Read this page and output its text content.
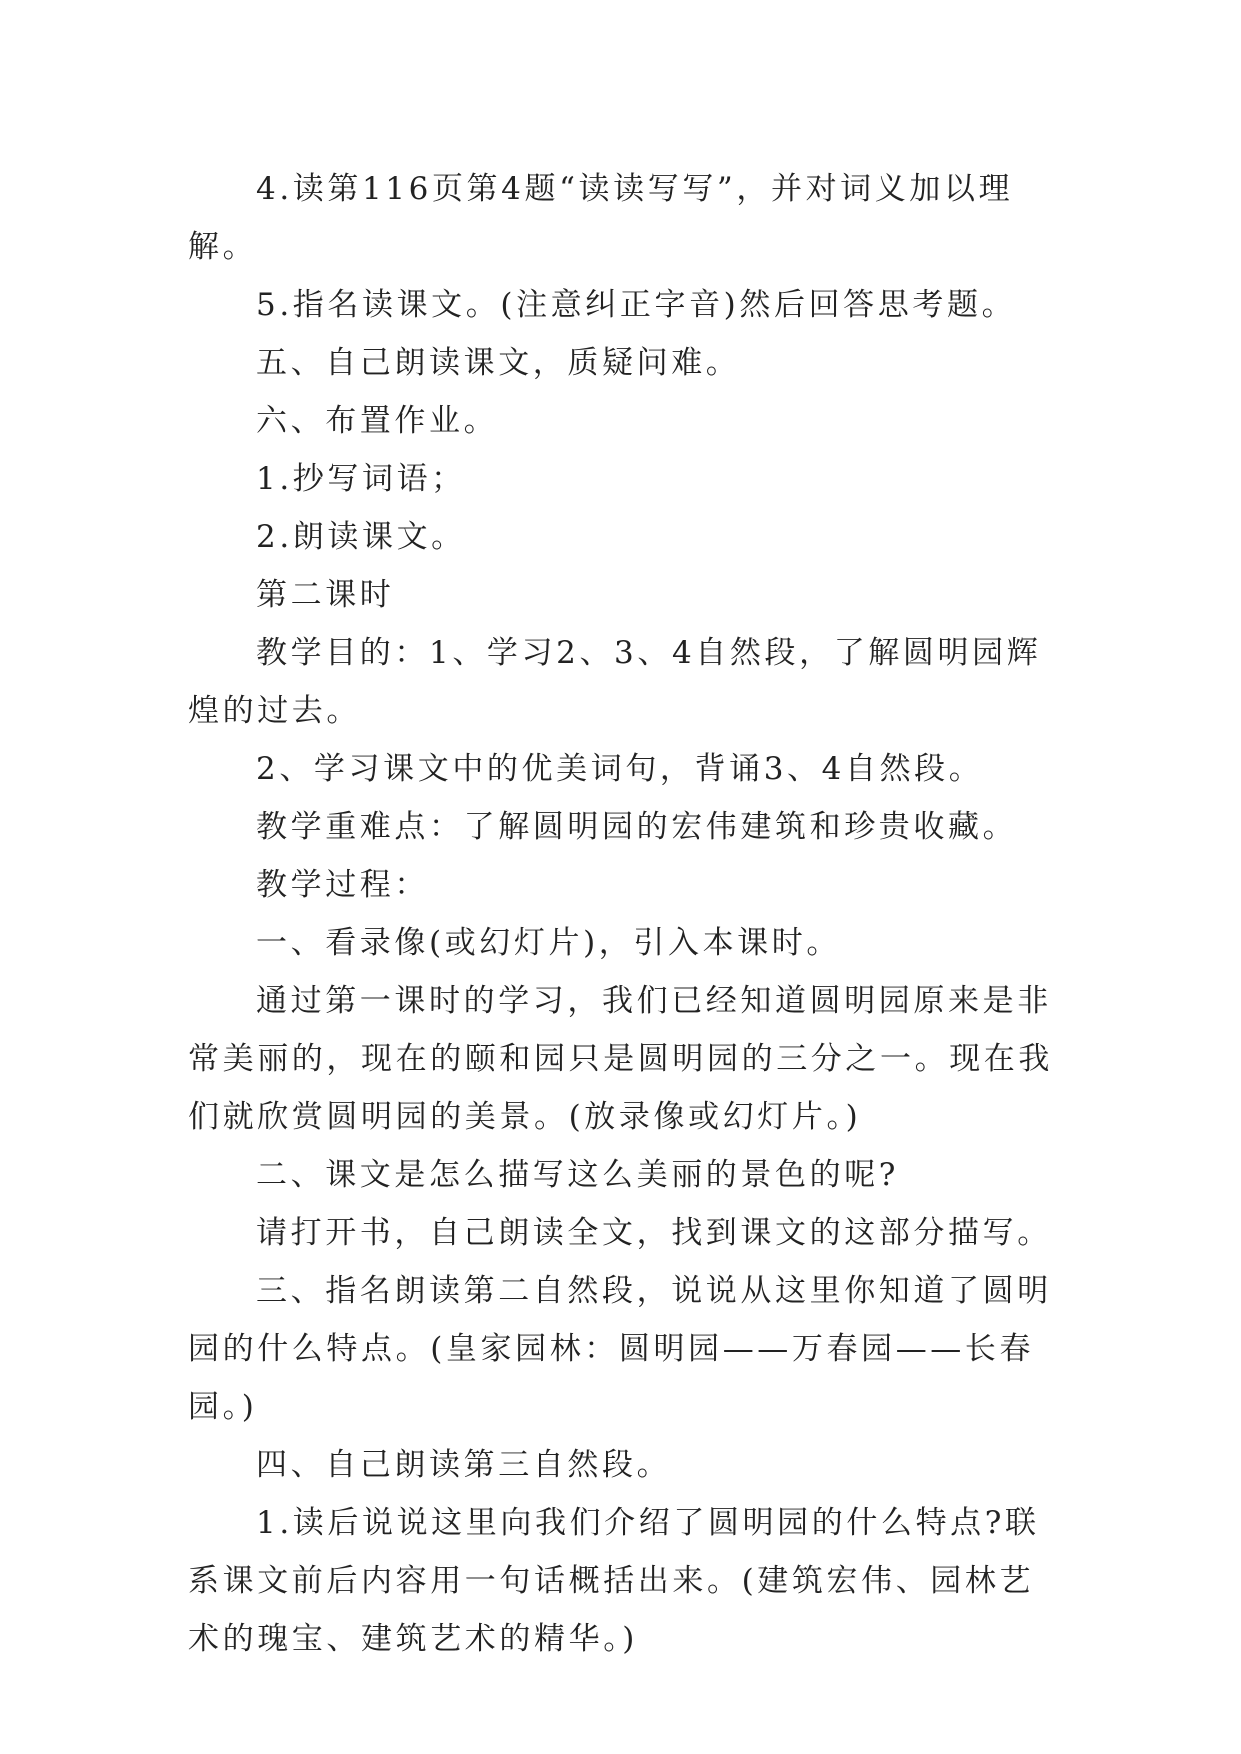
4.读第116页第4题“读读写写”，并对词义加以理解。

5.指名读课文。(注意纠正字音)然后回答思考题。

五、自己朗读课文，质疑问难。

六、布置作业。

1.抄写词语；

2.朗读课文。

第二课时

教学目的：1、学习2、3、4自然段，了解圆明园辉煌的过去。

2、学习课文中的优美词句，背诵3、4自然段。

教学重难点：了解圆明园的宏伟建筑和珍贵收藏。

教学过程：

一、看录像(或幻灯片)，引入本课时。

通过第一课时的学习，我们已经知道圆明园原来是非常美丽的，现在的颐和园只是圆明园的三分之一。现在我们就欣赏圆明园的美景。(放录像或幻灯片。)

二、课文是怎么描写这么美丽的景色的呢?

请打开书，自己朗读全文，找到课文的这部分描写。

三、指名朗读第二自然段，说说从这里你知道了圆明园的什么特点。(皇家园林：圆明园——万春园——长春园。)

四、自己朗读第三自然段。

1.读后说说这里向我们介绍了圆明园的什么特点?联系课文前后内容用一句话概括出来。(建筑宏伟、园林艺术的瑰宝、建筑艺术的精华。)
